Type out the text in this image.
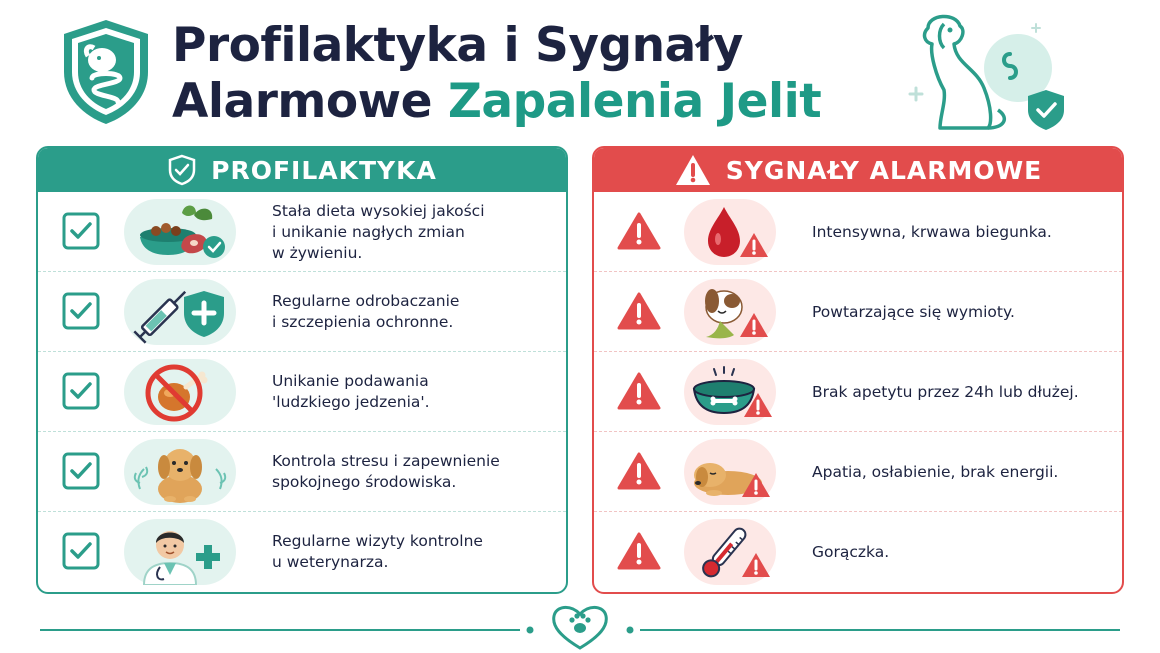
Profilaktyka i Sygnały
Alarmowe Zapalenia Jelit
PROFILAKTYKA
Stała dieta wysokiej jakości
i unikanie nagłych zmian
w żywieniu.
Regularne odrobaczanie
i szczepienia ochronne.
Unikanie podawania
'ludzkiego jedzenia'.
Kontrola stresu i zapewnienie
spokojnego środowiska.
Regularne wizyty kontrolne
u weterynarza.
SYGNAŁY ALARMOWE
Intensywna, krwawa biegunka.
Powtarzające się wymioty.
Brak apetytu przez 24h lub dłużej.
Apatia, osłabienie, brak energii.
Gorączka.
